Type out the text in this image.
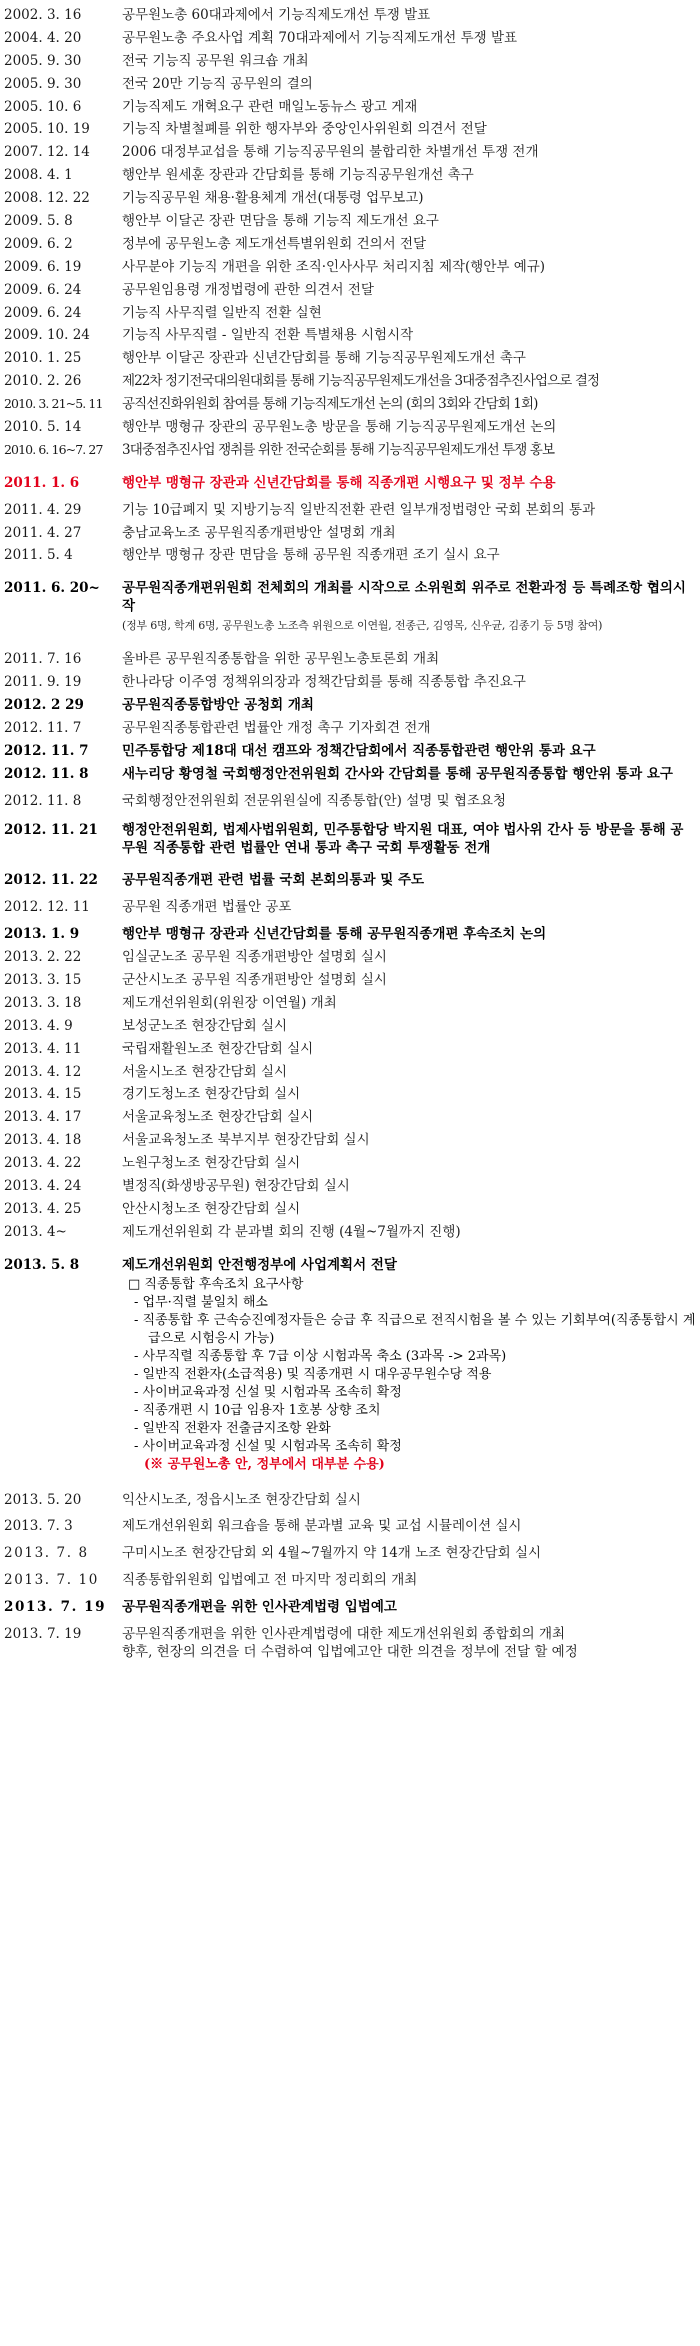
2002. 3. 16	공무원노총 60대과제에서 기능직제도개선 투쟁 발표
2004. 4. 20	공무원노총 주요사업 계획 70대과제에서 기능직제도개선 투쟁 발표
2005. 9. 30	전국 기능직 공무원 워크숍 개최
2005. 9. 30	전국 20만 기능직 공무원의 결의
2005. 10. 6	기능직제도 개혁요구 관련 매일노동뉴스 광고 게재
2005. 10. 19	기능직 차별철폐를 위한 행자부와 중앙인사위원회 의견서 전달
2007. 12. 14	2006 대정부교섭을 통해 기능직공무원의 불합리한 차별개선 투쟁 전개
2008. 4. 1	행안부 원세훈 장관과 간담회를 통해 기능직공무원개선 촉구
2008. 12. 22	기능직공무원 채용·활용체계 개선(대통령 업무보고)
2009. 5. 8	행안부 이달곤 장관 면담을 통해 기능직 제도개선 요구
2009. 6. 2	정부에 공무원노총 제도개선특별위원회 건의서 전달
2009. 6. 19	사무분야 기능직 개편을 위한 조직·인사사무 처리지침 제작(행안부 예규)
2009. 6. 24	공무원임용령 개정법령에 관한 의견서 전달
2009. 6. 24	기능직 사무직렬 일반직 전환 실현
2009. 10. 24	기능직 사무직렬 - 일반직 전환 특별채용 시험시작
2010. 1. 25	행안부 이달곤 장관과 신년간담회를 통해 기능직공무원제도개선 촉구
2010. 2. 26	제22차 정기전국대의원대회를 통해 기능직공무원제도개선을 3대중점추진사업으로 결정
2010. 3. 21~5. 11	공직선진화위원회 참여를 통해 기능직제도개선 논의 (회의 3회와 간담회 1회)
2010. 5. 14	행안부 맹형규 장관의 공무원노총 방문을 통해 기능직공무원제도개선 논의
2010. 6. 16~7. 27	3대중점추진사업 쟁취를 위한 전국순회를 통해 기능직공무원제도개선 투쟁 홍보
2011. 1. 6	행안부 맹형규 장관과 신년간담회를 통해 직종개편 시행요구 및 정부 수용
2011. 4. 29	기능 10급폐지 및 지방기능직 일반직전환 관련 일부개정법령안 국회 본회의 통과
2011. 4. 27	충남교육노조 공무원직종개편방안 설명회 개최
2011. 5. 4	행안부 맹형규 장관 면담을 통해 공무원 직종개편 조기 실시 요구
2011. 6. 20~	공무원직종개편위원회 전체회의 개최를 시작으로 소위원회 위주로 전환과정 등 특례조항 협의시작
(정부 6명, 학계 6명, 공무원노총 노조측 위원으로 이연월, 전종근, 김영목, 신우균, 김종기 등 5명 참여)
2011. 7. 16	올바른 공무원직종통합을 위한 공무원노총토론회 개최
2011. 9. 19	한나라당 이주영 정책위의장과 정책간담회를 통해 직종통합 추진요구
2012. 2 29	공무원직종통합방안 공청회 개최
2012. 11. 7	공무원직종통합관련 법률안 개정 촉구 기자회견 전개
2012. 11. 7	민주통합당 제18대 대선 캠프와 정책간담회에서 직종통합관련 행안위 통과 요구
2012. 11. 8	새누리당 황영철 국회행정안전위원회 간사와 간담회를 통해 공무원직종통합 행안위 통과 요구
2012. 11. 8	국회행정안전위원회 전문위원실에 직종통합(안) 설명 및 협조요청
2012. 11. 21	행정안전위원회, 법제사법위원회, 민주통합당 박지원 대표, 여야 법사위 간사 등 방문을 통해 공무원 직종통합 관련 법률안 연내 통과 촉구 국회 투쟁활동 전개
2012. 11. 22	공무원직종개편 관련 법률 국회 본회의통과 및 주도
2012. 12. 11	공무원 직종개편 법률안 공포
2013. 1. 9	행안부 맹형규 장관과 신년간담회를 통해 공무원직종개편 후속조치 논의
2013. 2. 22	임실군노조 공무원 직종개편방안 설명회 실시
2013. 3. 15	군산시노조 공무원 직종개편방안 설명회 실시
2013. 3. 18	제도개선위원회(위원장 이연월) 개최
2013. 4. 9	보성군노조 현장간담회 실시
2013. 4. 11	국립재활원노조 현장간담회 실시
2013. 4. 12	서울시노조 현장간담회 실시
2013. 4. 15	경기도청노조 현장간담회 실시
2013. 4. 17	서울교육청노조 현장간담회 실시
2013. 4. 18	서울교육청노조 북부지부 현장간담회 실시
2013. 4. 22	노원구청노조 현장간담회 실시
2013. 4. 24	별정직(화생방공무원) 현장간담회 실시
2013. 4. 25	안산시청노조 현장간담회 실시
2013. 4~	제도개선위원회 각 분과별 회의 진행 (4월~7월까지 진행)
2013. 5. 8	제도개선위원회 안전행정부에 사업계획서 전달
□ 직종통합 후속조치 요구사항
- 업무·직렬 불일치 해소
- 직종통합 후 근속승진예정자들은 승급 후 직급으로 전직시험을 볼 수 있는 기회부여(직종통합시 계급으로 시험응시 가능)
- 사무직렬 직종통합 후 7급 이상 시험과목 축소 (3과목 -> 2과목)
- 일반직 전환자(소급적용) 및 직종개편 시 대우공무원수당 적용
- 사이버교육과정 신설 및 시험과목 조속히 확정
- 직종개편 시 10급 임용자 1호봉 상향 조치
- 일반직 전환자 전출금지조항 완화
- 사이버교육과정 신설 및 시험과목 조속히 확정
(※ 공무원노총 안, 정부에서 대부분 수용)
2013. 5. 20	익산시노조, 정읍시노조 현장간담회 실시
2013. 7. 3	제도개선위원회 워크숍을 통해 분과별 교육 및 교섭 시뮬레이션 실시
2013. 7. 8	구미시노조 현장간담회 외 4월~7월까지 약 14개 노조 현장간담회 실시
2013. 7. 10	직종통합위원회 입법예고 전 마지막 정리회의 개최
2013. 7. 19	공무원직종개편을 위한 인사관계법령 입법예고
2013. 7. 19	공무원직종개편을 위한 인사관계법령에 대한 제도개선위원회 종합회의 개최
향후, 현장의 의견을 더 수렴하여 입법예고안 대한 의견을 정부에 전달 할 예정
